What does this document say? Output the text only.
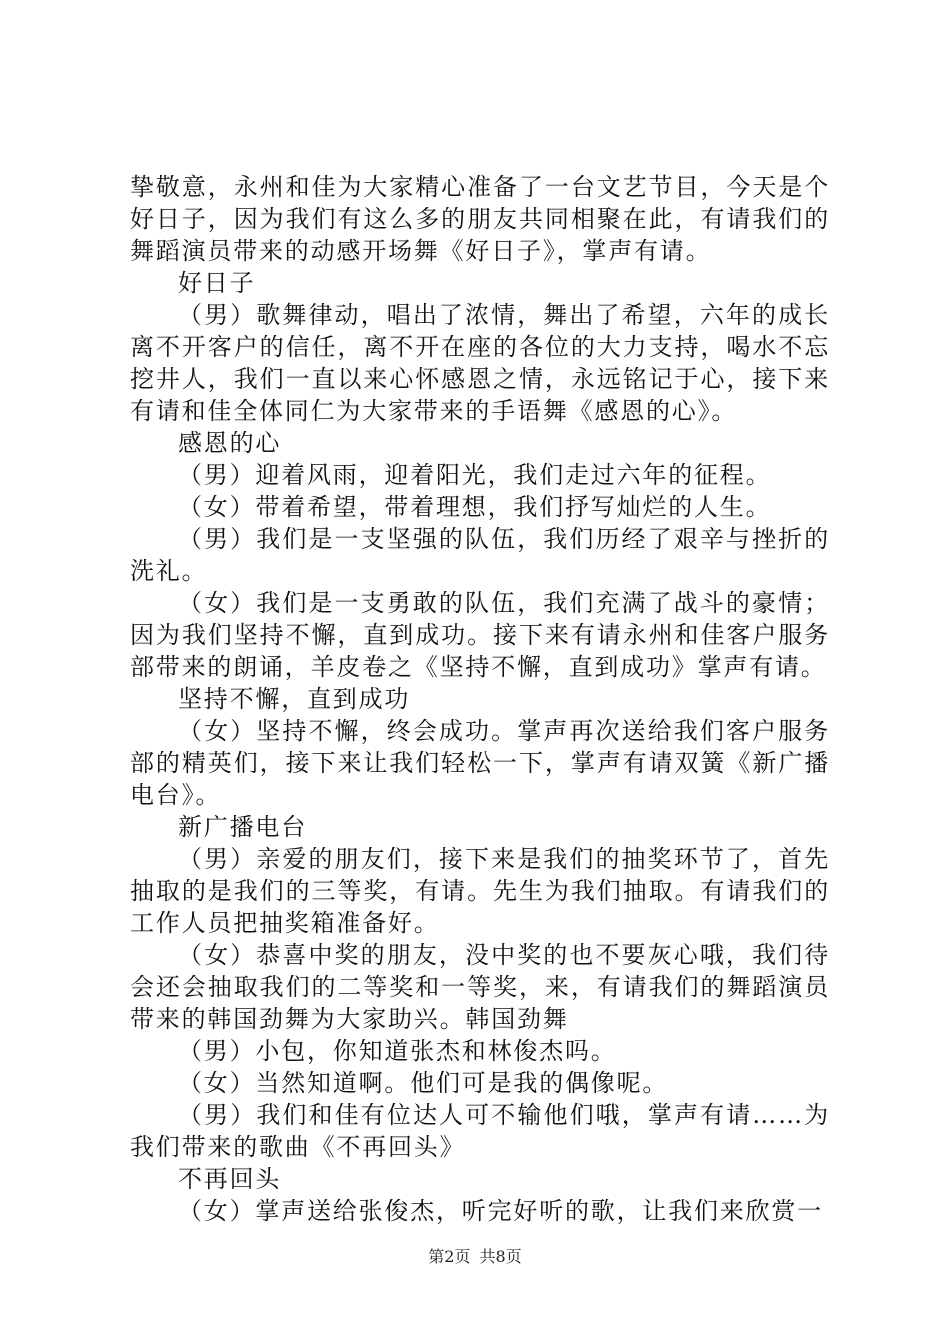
挚敬意，永州和佳为大家精心准备了一台文艺节目，今天是个好日子，因为我们有这么多的朋友共同相聚在此，有请我们的舞蹈演员带来的动感开场舞《好日子》，掌声有请。

好日子

（男）歌舞律动，唱出了浓情，舞出了希望，六年的成长离不开客户的信任，离不开在座的各位的大力支持，喝水不忘挖井人，我们一直以来心怀感恩之情，永远铭记于心，接下来有请和佳全体同仁为大家带来的手语舞《感恩的心》。

感恩的心

（男）迎着风雨，迎着阳光，我们走过六年的征程。

（女）带着希望，带着理想，我们抒写灿烂的人生。

（男）我们是一支坚强的队伍，我们历经了艰辛与挫折的洗礼。

（女）我们是一支勇敢的队伍，我们充满了战斗的豪情；因为我们坚持不懈，直到成功。接下来有请永州和佳客户服务部带来的朗诵，羊皮卷之《坚持不懈，直到成功》掌声有请。

坚持不懈，直到成功

（女）坚持不懈，终会成功。掌声再次送给我们客户服务部的精英们，接下来让我们轻松一下，掌声有请双簧《新广播电台》。

新广播电台

（男）亲爱的朋友们，接下来是我们的抽奖环节了，首先抽取的是我们的三等奖，有请。先生为我们抽取。有请我们的工作人员把抽奖箱准备好。

（女）恭喜中奖的朋友，没中奖的也不要灰心哦，我们待会还会抽取我们的二等奖和一等奖，来，有请我们的舞蹈演员带来的韩国劲舞为大家助兴。韩国劲舞

（男）小包，你知道张杰和林俊杰吗。

（女）当然知道啊。他们可是我的偶像呢。

（男）我们和佳有位达人可不输他们哦，掌声有请……为我们带来的歌曲《不再回头》

不再回头

（女）掌声送给张俊杰，听完好听的歌，让我们来欣赏一

第2页 共8页
